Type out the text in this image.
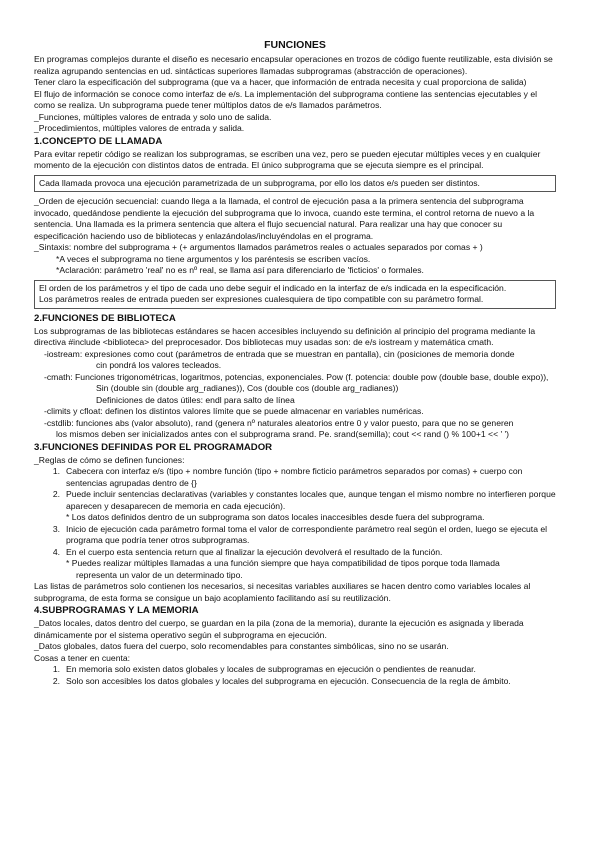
FUNCIONES
En programas complejos durante el diseño es necesario encapsular operaciones en trozos de código fuente reutilizable, esta división se realiza agrupando sentencias en ud. sintácticas superiores llamadas subprogramas (abstracción de operaciones).
Tener claro la especificación del subprograma (que va a hacer, que información de entrada necesita y cual proporciona de salida)
El flujo de información se conoce como interfaz de e/s. La implementación del subprograma contiene las sentencias ejecutables y el como se realiza. Un subprograma puede tener múltiplos datos de e/s llamados parámetros.
_Funciones, múltiples valores de entrada y solo uno de salida.
_Procedimientos, múltiples valores de entrada y salida.
1.CONCEPTO DE LLAMADA
Para evitar repetir código se realizan los subprogramas, se escriben una vez, pero se pueden ejecutar múltiples veces y en cualquier momento de la ejecución con distintos datos de entrada. El único subprograma que se ejecuta siempre es el principal.
Cada llamada provoca una ejecución parametrizada de un subprograma, por ello los datos e/s pueden ser distintos.
_Orden de ejecución secuencial: cuando llega a la llamada, el control de ejecución pasa a la primera sentencia del subprograma invocado, quedándose pendiente la ejecución del subprograma que lo invoca, cuando este termina, el control retorna de nuevo a la sentencia. Una llamada es la primera sentencia que altera el flujo secuencial natural. Para realizar una hay que conocer su especificación haciendo uso de bibliotecas y enlazándolas/incluyéndolas en el programa.
_Sintaxis: nombre del subprograma + (+ argumentos llamados parámetros reales o actuales separados por comas + )
*A veces el subprograma no tiene argumentos y los paréntesis se escriben vacíos.
*Aclaración: parámetro 'real' no es nº real, se llama así para diferenciarlo de 'ficticios' o formales.
El orden de los parámetros y el tipo de cada uno debe seguir el indicado en la interfaz de e/s indicada en la especificación.
Los parámetros reales de entrada pueden ser expresiones cualesquiera de tipo compatible con su parámetro formal.
2.FUNCIONES DE BIBLIOTECA
Los subprogramas de las bibliotecas estándares se hacen accesibles incluyendo su definición al principio del programa mediante la directiva #include <biblioteca> del preprocesador. Dos bibliotecas muy usadas son: de e/s iostream y matemática cmath.
-iostream: expresiones como cout (parámetros de entrada que se muestran en pantalla), cin (posiciones de memoria donde
cin pondrá los valores tecleados.
-cmath: Funciones trigonométricas, logaritmos, potencias, exponenciales. Pow (f. potencia: double pow (double base, double expo)),
Sin (double sin (double arg_radianes)), Cos (double cos (double arg_radianes))
Definiciones de datos útiles: endl para salto de línea
-climits y cfloat: definen los distintos valores límite que se puede almacenar en variables numéricas.
-cstdlib: funciones abs (valor absoluto), rand (genera nº naturales aleatorios entre 0 y valor puesto, para que no se generen
los mismos deben ser inicializados antes con el subprograma srand. Pe. srand(semilla); cout << rand () % 100+1 << ' ')
3.FUNCIONES DEFINIDAS POR EL PROGRAMADOR
_Reglas de cómo se definen funciones:
1. Cabecera con interfaz e/s (tipo + nombre función (tipo + nombre ficticio parámetros separados por comas) + cuerpo con sentencias agrupadas dentro de {}
2. Puede incluir sentencias declarativas (variables y constantes locales que, aunque tengan el mismo nombre no interfieren porque aparecen y desaparecen de memoria en cada ejecución).
* Los datos definidos dentro de un subprograma son datos locales inaccesibles desde fuera del subprograma.
3. Inicio de ejecución cada parámetro formal toma el valor de correspondiente parámetro real según el orden, luego se ejecuta el programa que podría tener otros subprogramas.
4. En el cuerpo esta sentencia return que al finalizar la ejecución devolverá el resultado de la función.
* Puedes realizar múltiples llamadas a una función siempre que haya compatibilidad de tipos porque toda llamada
representa un valor de un determinado tipo.
Las listas de parámetros solo contienen los necesarios, si necesitas variables auxiliares se hacen dentro como variables locales al subprograma, de esta forma se consigue un bajo acoplamiento facilitando así su reutilización.
4.SUBPROGRAMAS Y LA MEMORIA
_Datos locales, datos dentro del cuerpo, se guardan en la pila (zona de la memoria), durante la ejecución es asignada y liberada dinámicamente por el sistema operativo según el subprograma en ejecución.
_Datos globales, datos fuera del cuerpo, solo recomendables para constantes simbólicas, sino no se usarán.
Cosas a tener en cuenta:
1. En memoria solo existen datos globales y locales de subprogramas en ejecución o pendientes de reanudar.
2. Solo son accesibles los datos globales y locales del subprograma en ejecución. Consecuencia de la regla de ámbito.
